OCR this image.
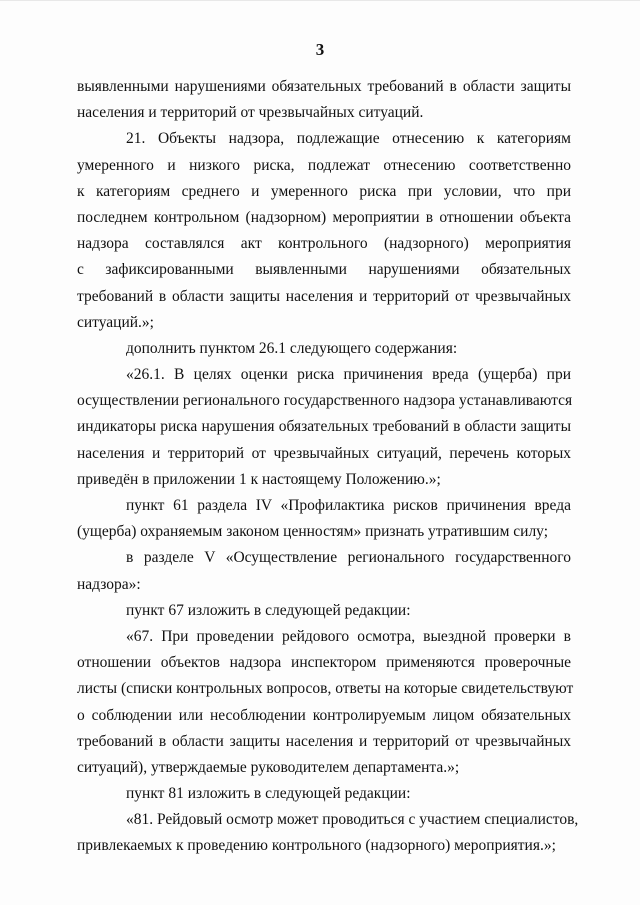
3
выявленными нарушениями обязательных требований в области защиты
населения и территорий от чрезвычайных ситуаций.
21. Объекты надзора, подлежащие отнесению к категориям
умеренного и низкого риска, подлежат отнесению соответственно
к категориям среднего и умеренного риска при условии, что при
последнем контрольном (надзорном) мероприятии в отношении объекта
надзора составлялся акт контрольного (надзорного) мероприятия
с зафиксированными выявленными нарушениями обязательных
требований в области защиты населения и территорий от чрезвычайных
ситуаций.»;
дополнить пунктом 26.1 следующего содержания:
«26.1. В целях оценки риска причинения вреда (ущерба) при
осуществлении регионального государственного надзора устанавливаются
индикаторы риска нарушения обязательных требований в области защиты
населения и территорий от чрезвычайных ситуаций, перечень которых
приведён в приложении 1 к настоящему Положению.»;
пункт 61 раздела IV «Профилактика рисков причинения вреда
(ущерба) охраняемым законом ценностям» признать утратившим силу;
в разделе V «Осуществление регионального государственного
надзора»:
пункт 67 изложить в следующей редакции:
«67. При проведении рейдового осмотра, выездной проверки в
отношении объектов надзора инспектором применяются проверочные
листы (списки контрольных вопросов, ответы на которые свидетельствуют
о соблюдении или несоблюдении контролируемым лицом обязательных
требований в области защиты населения и территорий от чрезвычайных
ситуаций), утверждаемые руководителем департамента.»;
пункт 81 изложить в следующей редакции:
«81. Рейдовый осмотр может проводиться с участием специалистов,
привлекаемых к проведению контрольного (надзорного) мероприятия.»;
